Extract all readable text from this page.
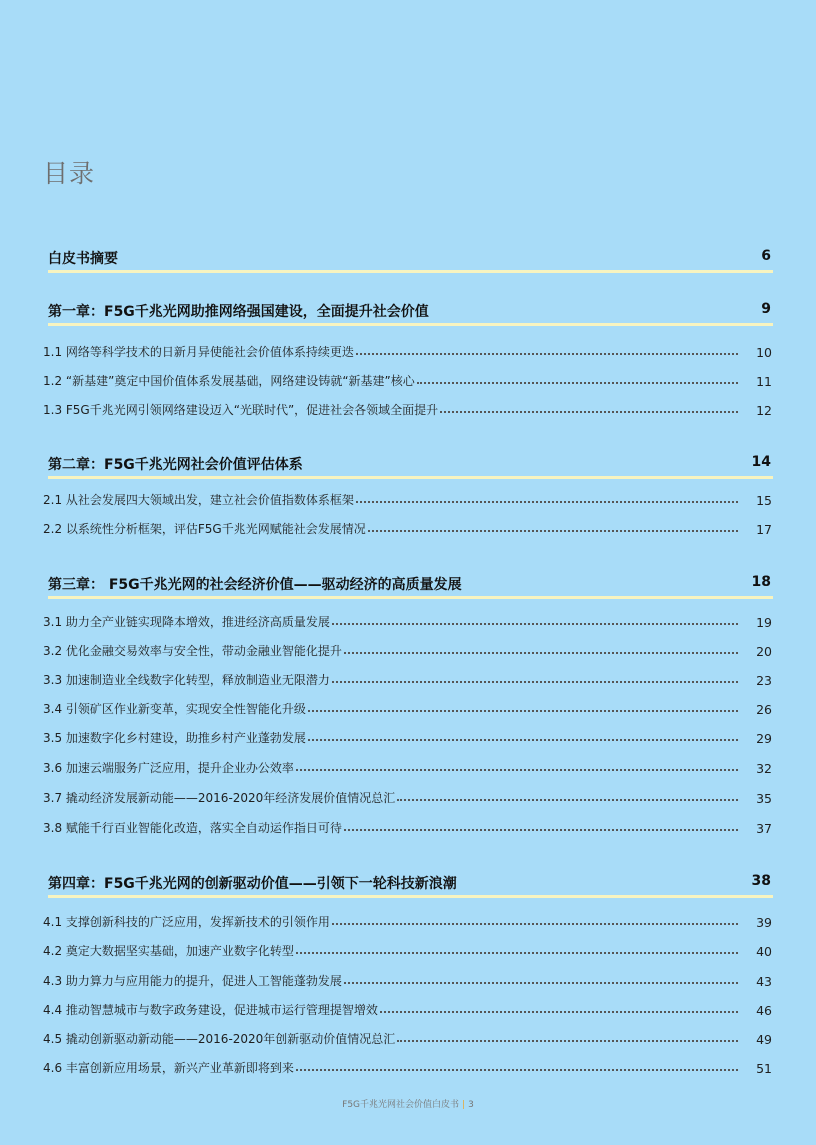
目录
白皮书摘要	6
第一章：F5G千兆光网助推网络强国建设，全面提升社会价值	9
1.1 网络等科学技术的日新月异使能社会价值体系持续更迭	10
1.2 “新基建”奠定中国价值体系发展基础，网络建设铸就“新基建”核心	11
1.3 F5G千兆光网引领网络建设迈入“光联时代”，促进社会各领域全面提升	12
第二章：F5G千兆光网社会价值评估体系	14
2.1 从社会发展四大领域出发，建立社会价值指数体系框架	15
2.2 以系统性分析框架，评估F5G千兆光网赋能社会发展情况	17
第三章： F5G千兆光网的社会经济价值——驱动经济的高质量发展	18
3.1 助力全产业链实现降本增效，推进经济高质量发展	19
3.2 优化金融交易效率与安全性，带动金融业智能化提升	20
3.3 加速制造业全线数字化转型，释放制造业无限潜力	23
3.4 引领矿区作业新变革，实现安全性智能化升级	26
3.5 加速数字化乡村建设，助推乡村产业蓬勃发展	29
3.6 加速云端服务广泛应用，提升企业办公效率	32
3.7 撬动经济发展新动能——2016-2020年经济发展价值情况总汇	35
3.8 赋能千行百业智能化改造，落实全自动运作指日可待	37
第四章：F5G千兆光网的创新驱动价值——引领下一轮科技新浪潮	38
4.1 支撑创新科技的广泛应用，发挥新技术的引领作用	39
4.2 奠定大数据坚实基础，加速产业数字化转型	40
4.3 助力算力与应用能力的提升，促进人工智能蓬勃发展	43
4.4 推动智慧城市与数字政务建设，促进城市运行管理提智增效	46
4.5 撬动创新驱动新动能——2016-2020年创新驱动价值情况总汇	49
4.6 丰富创新应用场景，新兴产业革新即将到来	51
F5G千兆光网社会价值白皮书 | 3
